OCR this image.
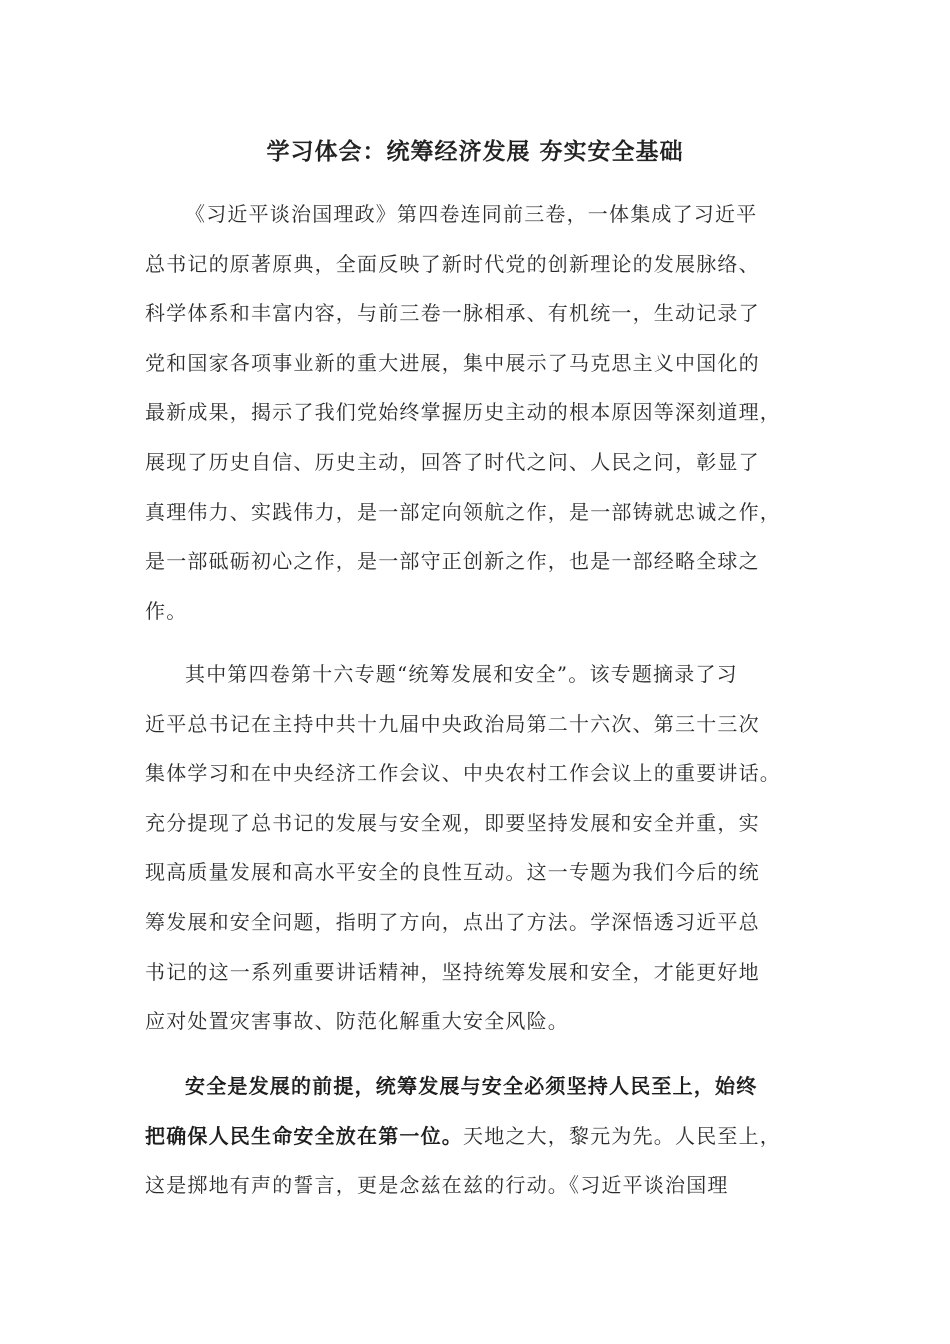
学习体会：统筹经济发展 夯实安全基础
《习近平谈治国理政》第四卷连同前三卷，一体集成了习近平
总书记的原著原典，全面反映了新时代党的创新理论的发展脉络、
科学体系和丰富内容，与前三卷一脉相承、有机统一，生动记录了
党和国家各项事业新的重大进展，集中展示了马克思主义中国化的
最新成果，揭示了我们党始终掌握历史主动的根本原因等深刻道理，
展现了历史自信、历史主动，回答了时代之问、人民之问，彰显了
真理伟力、实践伟力，是一部定向领航之作，是一部铸就忠诚之作，
是一部砥砺初心之作，是一部守正创新之作，也是一部经略全球之
作。
其中第四卷第十六专题“统筹发展和安全”。该专题摘录了习
近平总书记在主持中共十九届中央政治局第二十六次、第三十三次
集体学习和在中央经济工作会议、中央农村工作会议上的重要讲话。
充分提现了总书记的发展与安全观，即要坚持发展和安全并重，实
现高质量发展和高水平安全的良性互动。这一专题为我们今后的统
筹发展和安全问题，指明了方向，点出了方法。学深悟透习近平总
书记的这一系列重要讲话精神，坚持统筹发展和安全，才能更好地
应对处置灾害事故、防范化解重大安全风险。
安全是发展的前提，统筹发展与安全必须坚持人民至上，始终
把确保人民生命安全放在第一位。天地之大，黎元为先。人民至上，
这是掷地有声的誓言，更是念兹在兹的行动。《习近平谈治国理
